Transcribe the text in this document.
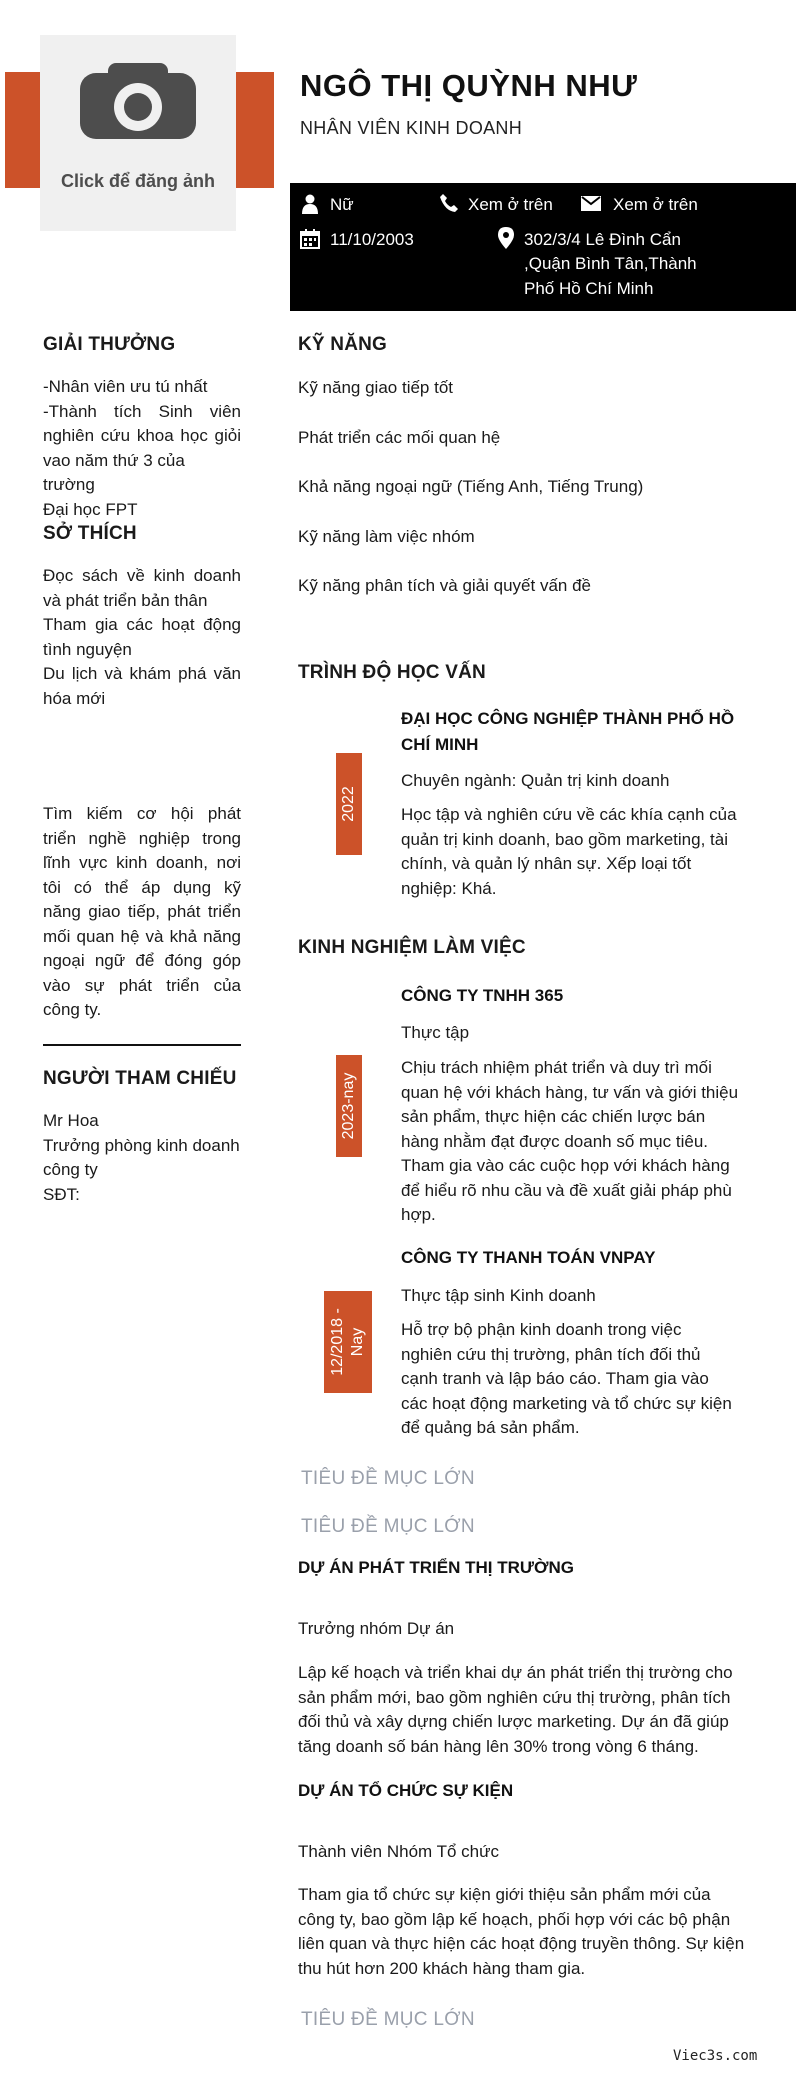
Click để đăng ảnh
NGÔ THỊ QUỲNH NHƯ
NHÂN VIÊN KINH DOANH
Nữ	Xem ở trên	Xem ở trên
11/10/2003	302/3/4 Lê Đình Cẩn
,Quận Bình Tân,Thành
Phố Hồ Chí Minh
GIẢI THƯỞNG
-Nhân viên ưu tú nhất
-Thành tích Sinh viên
nghiên cứu khoa học giỏi
vao năm thứ 3 của trường
Đại học FPT
SỞ THÍCH
Đọc sách về kinh doanh
và phát triển bản thân
Tham gia các hoạt động
tình nguyện
Du lịch và khám phá văn
hóa mới
Tìm kiếm cơ hội phát
triển nghề nghiệp trong
lĩnh vực kinh doanh, nơi
tôi có thể áp dụng kỹ
năng giao tiếp, phát triển
mối quan hệ và khả năng
ngoại ngữ để đóng góp
vào sự phát triển của
công ty.
NGƯỜI THAM CHIẾU
Mr Hoa
Trưởng phòng kinh doanh
công ty
SĐT:
KỸ NĂNG
Kỹ năng giao tiếp tốt
Phát triển các mối quan hệ
Khả năng ngoại ngữ (Tiếng Anh, Tiếng Trung)
Kỹ năng làm việc nhóm
Kỹ năng phân tích và giải quyết vấn đề
TRÌNH ĐỘ HỌC VẤN
2022
ĐẠI HỌC CÔNG NGHIỆP THÀNH PHỐ HỒ
CHÍ MINH
Chuyên ngành: Quản trị kinh doanh
Học tập và nghiên cứu về các khía cạnh của
quản trị kinh doanh, bao gồm marketing, tài
chính, và quản lý nhân sự. Xếp loại tốt
nghiệp: Khá.
KINH NGHIỆM LÀM VIỆC
2023-nay
CÔNG TY TNHH 365
Thực tập
Chịu trách nhiệm phát triển và duy trì mối
quan hệ với khách hàng, tư vấn và giới thiệu
sản phẩm, thực hiện các chiến lược bán
hàng nhằm đạt được doanh số mục tiêu.
Tham gia vào các cuộc họp với khách hàng
để hiểu rõ nhu cầu và đề xuất giải pháp phù
hợp.
12/2018 - Nay
CÔNG TY THANH TOÁN VNPAY
Thực tập sinh Kinh doanh
Hỗ trợ bộ phận kinh doanh trong việc
nghiên cứu thị trường, phân tích đối thủ
cạnh tranh và lập báo cáo. Tham gia vào
các hoạt động marketing và tổ chức sự kiện
để quảng bá sản phẩm.
TIÊU ĐỀ MỤC LỚN
TIÊU ĐỀ MỤC LỚN
DỰ ÁN PHÁT TRIỂN THỊ TRƯỜNG
Trưởng nhóm Dự án
Lập kế hoạch và triển khai dự án phát triển thị trường cho
sản phẩm mới, bao gồm nghiên cứu thị trường, phân tích
đối thủ và xây dựng chiến lược marketing. Dự án đã giúp
tăng doanh số bán hàng lên 30% trong vòng 6 tháng.
DỰ ÁN TỔ CHỨC SỰ KIỆN
Thành viên Nhóm Tổ chức
Tham gia tổ chức sự kiện giới thiệu sản phẩm mới của
công ty, bao gồm lập kế hoạch, phối hợp với các bộ phận
liên quan và thực hiện các hoạt động truyền thông. Sự kiện
thu hút hơn 200 khách hàng tham gia.
TIÊU ĐỀ MỤC LỚN
Viec3s.com
